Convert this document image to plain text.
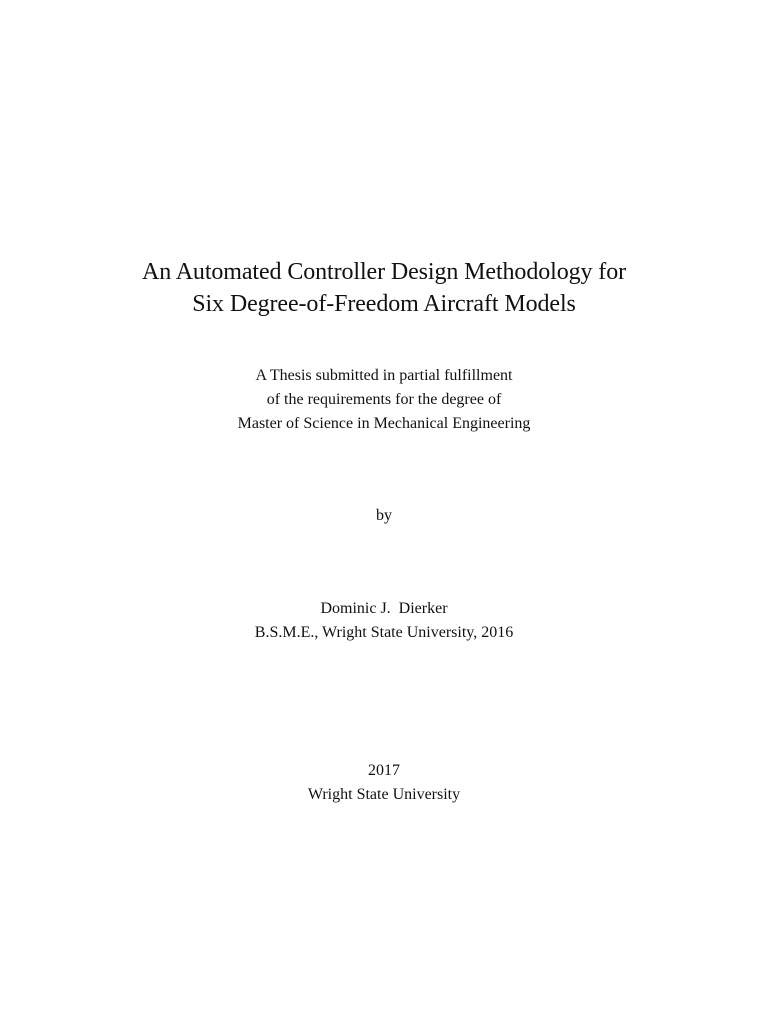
An Automated Controller Design Methodology for
Six Degree-of-Freedom Aircraft Models
A Thesis submitted in partial fulfillment
of the requirements for the degree of
Master of Science in Mechanical Engineering
by
Dominic J.  Dierker
B.S.M.E., Wright State University, 2016
2017
Wright State University
